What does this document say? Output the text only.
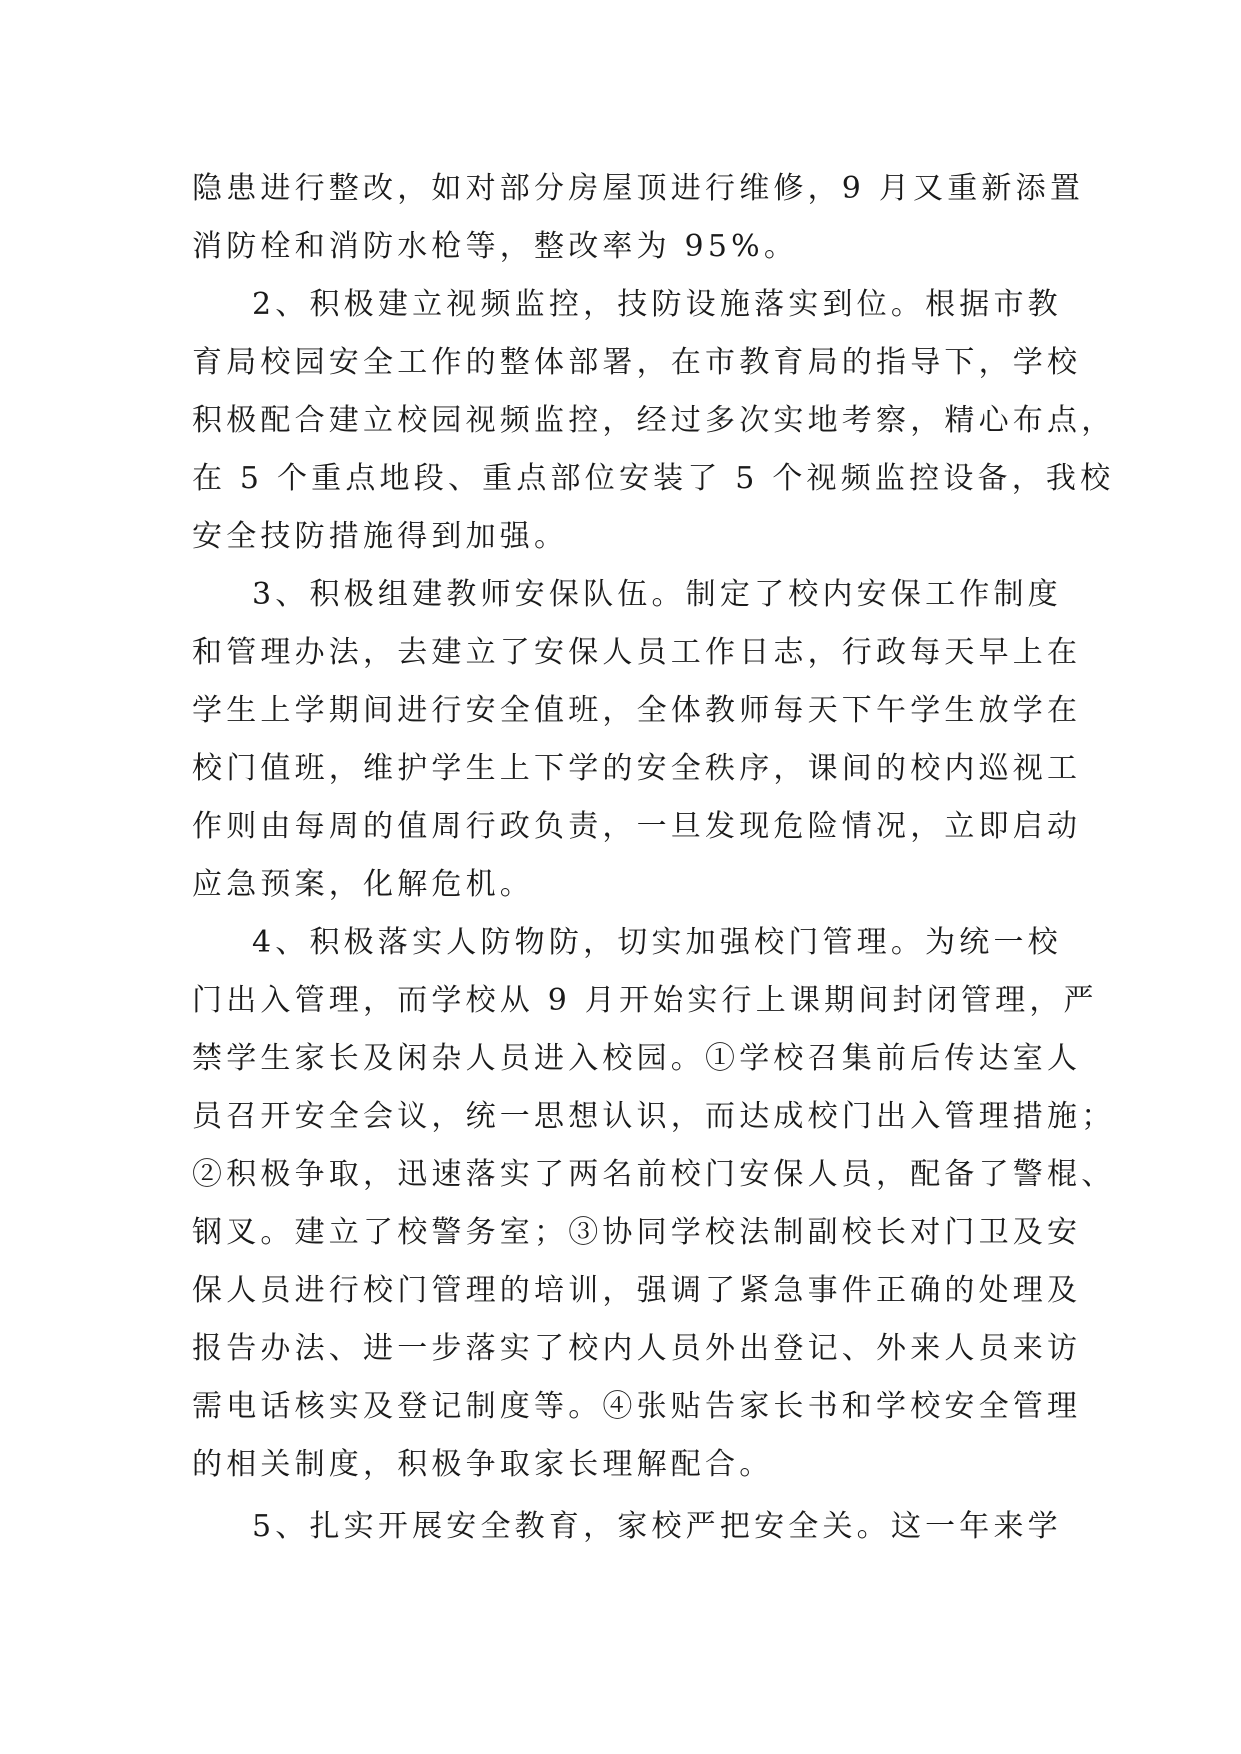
隐患进行整改，如对部分房屋顶进行维修，9 月又重新添置
消防栓和消防水枪等，整改率为 95%。
2、积极建立视频监控，技防设施落实到位。根据市教
育局校园安全工作的整体部署，在市教育局的指导下，学校
积极配合建立校园视频监控，经过多次实地考察，精心布点，
在 5 个重点地段、重点部位安装了 5 个视频监控设备，我校
安全技防措施得到加强。
3、积极组建教师安保队伍。制定了校内安保工作制度
和管理办法，去建立了安保人员工作日志，行政每天早上在
学生上学期间进行安全值班，全体教师每天下午学生放学在
校门值班，维护学生上下学的安全秩序，课间的校内巡视工
作则由每周的值周行政负责，一旦发现危险情况，立即启动
应急预案，化解危机。
4、积极落实人防物防，切实加强校门管理。为统一校
门出入管理，而学校从 9 月开始实行上课期间封闭管理，严
禁学生家长及闲杂人员进入校园。①学校召集前后传达室人
员召开安全会议，统一思想认识，而达成校门出入管理措施；
②积极争取，迅速落实了两名前校门安保人员，配备了警棍、
钢叉。建立了校警务室；③协同学校法制副校长对门卫及安
保人员进行校门管理的培训，强调了紧急事件正确的处理及
报告办法、进一步落实了校内人员外出登记、外来人员来访
需电话核实及登记制度等。④张贴告家长书和学校安全管理
的相关制度，积极争取家长理解配合。
5、扎实开展安全教育，家校严把安全关。这一年来学
